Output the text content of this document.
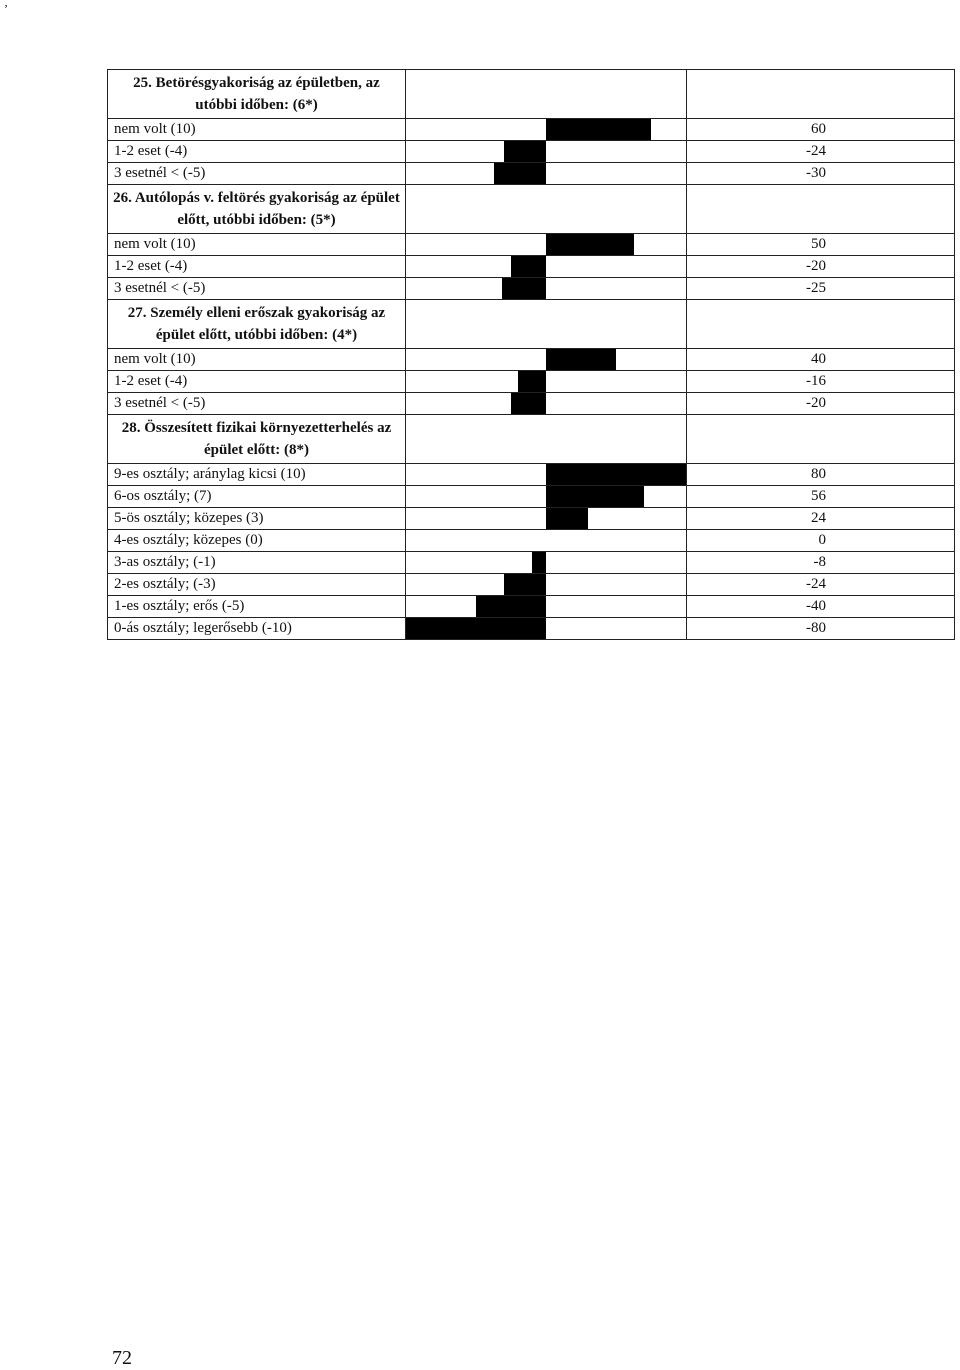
ʼ
25. Betörésgyakoriság az épületben, az utóbbi időben: (6*)		
nem volt (10)		60
1-2 eset (-4)		-24
3 esetnél < (-5)		-30
26. Autólopás v. feltörés gyakoriság az épület előtt, utóbbi időben: (5*)		
nem volt (10)		50
1-2 eset (-4)		-20
3 esetnél < (-5)		-25
27. Személy elleni erőszak gyakoriság az épület előtt, utóbbi időben: (4*)		
nem volt (10)		40
1-2 eset (-4)		-16
3 esetnél < (-5)		-20
28. Összesített fizikai környezetterhelés az épület előtt: (8*)		
9-es osztály; aránylag kicsi (10)		80
6-os osztály; (7)		56
5-ös osztály; közepes (3)		24
4-es osztály; közepes (0)		0
3-as osztály; (-1)		-8
2-es osztály; (-3)		-24
1-es osztály; erős (-5)		-40
0-ás osztály; legerősebb (-10)		-80
72
